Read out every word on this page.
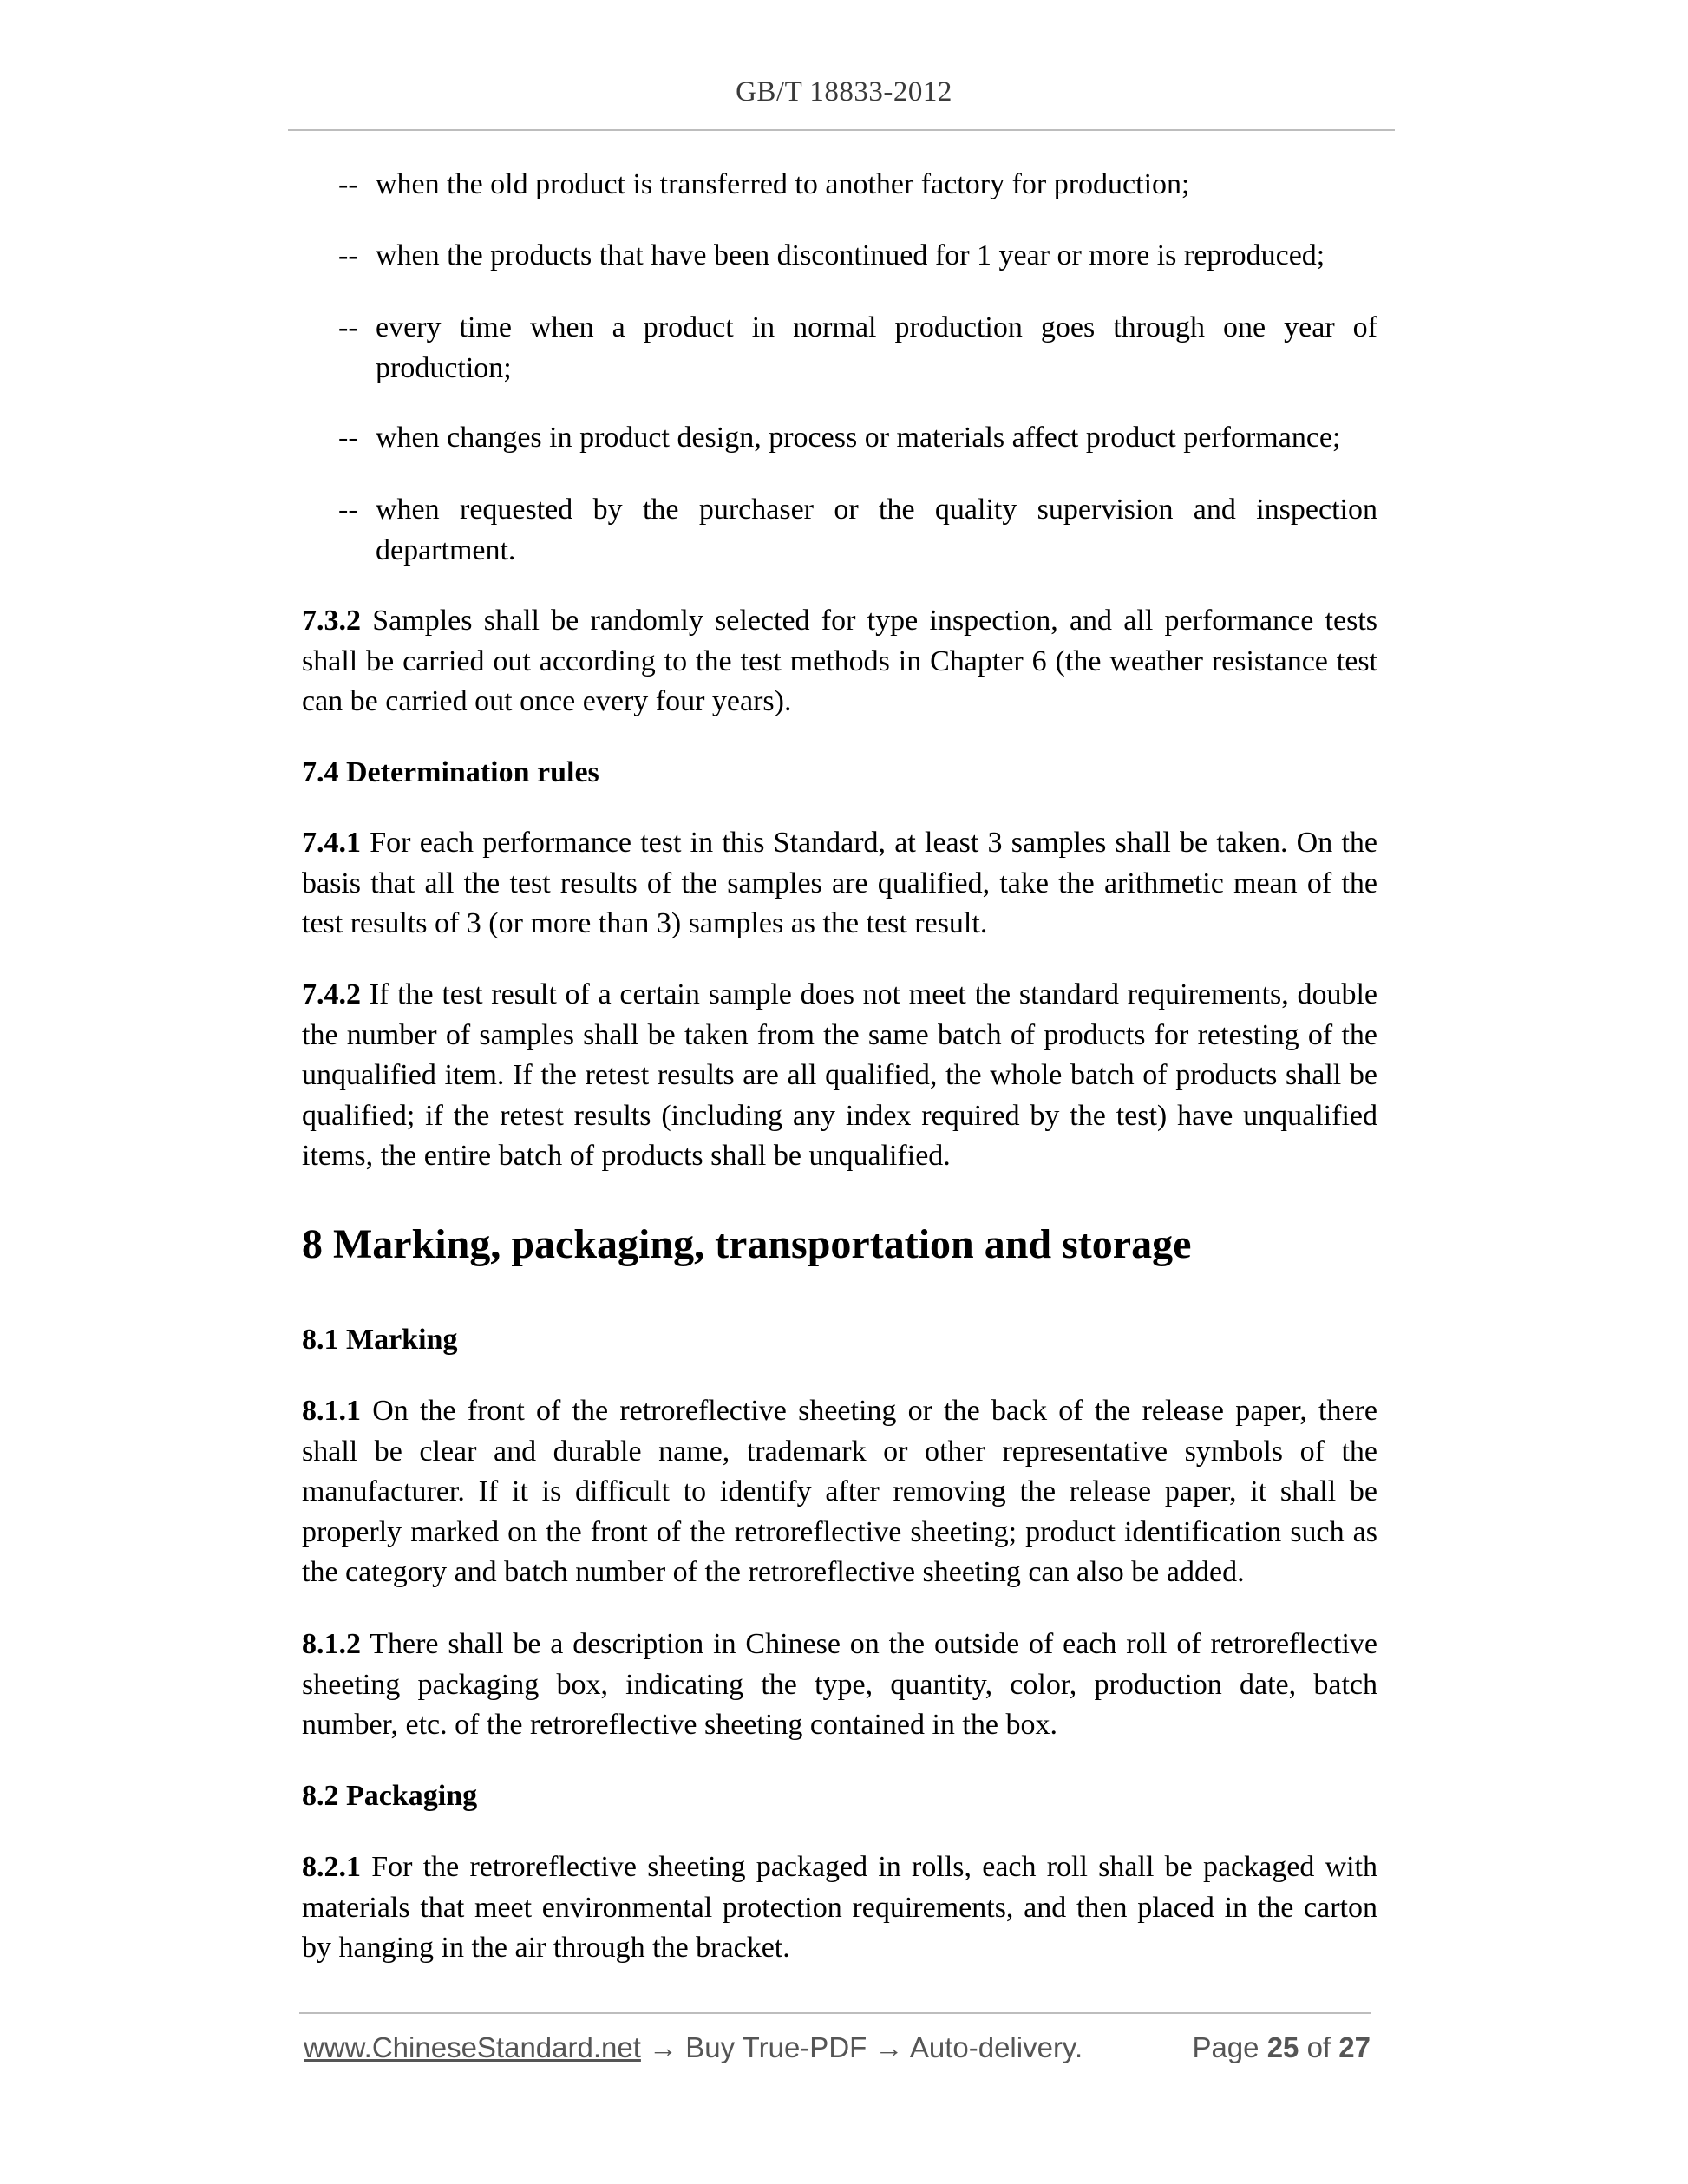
GB/T 18833-2012

-- when the old product is transferred to another factory for production;

-- when the products that have been discontinued for 1 year or more is reproduced;

-- every time when a product in normal production goes through one year of production;

-- when changes in product design, process or materials affect product performance;

-- when requested by the purchaser or the quality supervision and inspection department.

7.3.2 Samples shall be randomly selected for type inspection, and all performance tests shall be carried out according to the test methods in Chapter 6 (the weather resistance test can be carried out once every four years).

7.4 Determination rules

7.4.1 For each performance test in this Standard, at least 3 samples shall be taken. On the basis that all the test results of the samples are qualified, take the arithmetic mean of the test results of 3 (or more than 3) samples as the test result.

7.4.2 If the test result of a certain sample does not meet the standard requirements, double the number of samples shall be taken from the same batch of products for retesting of the unqualified item. If the retest results are all qualified, the whole batch of products shall be qualified; if the retest results (including any index required by the test) have unqualified items, the entire batch of products shall be unqualified.

8 Marking, packaging, transportation and storage
8.1 Marking

8.1.1 On the front of the retroreflective sheeting or the back of the release paper, there shall be clear and durable name, trademark or other representative symbols of the manufacturer. If it is difficult to identify after removing the release paper, it shall be properly marked on the front of the retroreflective sheeting; product identification such as the category and batch number of the retroreflective sheeting can also be added.

8.1.2 There shall be a description in Chinese on the outside of each roll of retroreflective sheeting packaging box, indicating the type, quantity, color, production date, batch number, etc. of the retroreflective sheeting contained in the box.

8.2 Packaging

8.2.1 For the retroreflective sheeting packaged in rolls, each roll shall be packaged with materials that meet environmental protection requirements, and then placed in the carton by hanging in the air through the bracket.

www.ChineseStandard.net → Buy True-PDF → Auto-delivery.	Page 25 of 27
